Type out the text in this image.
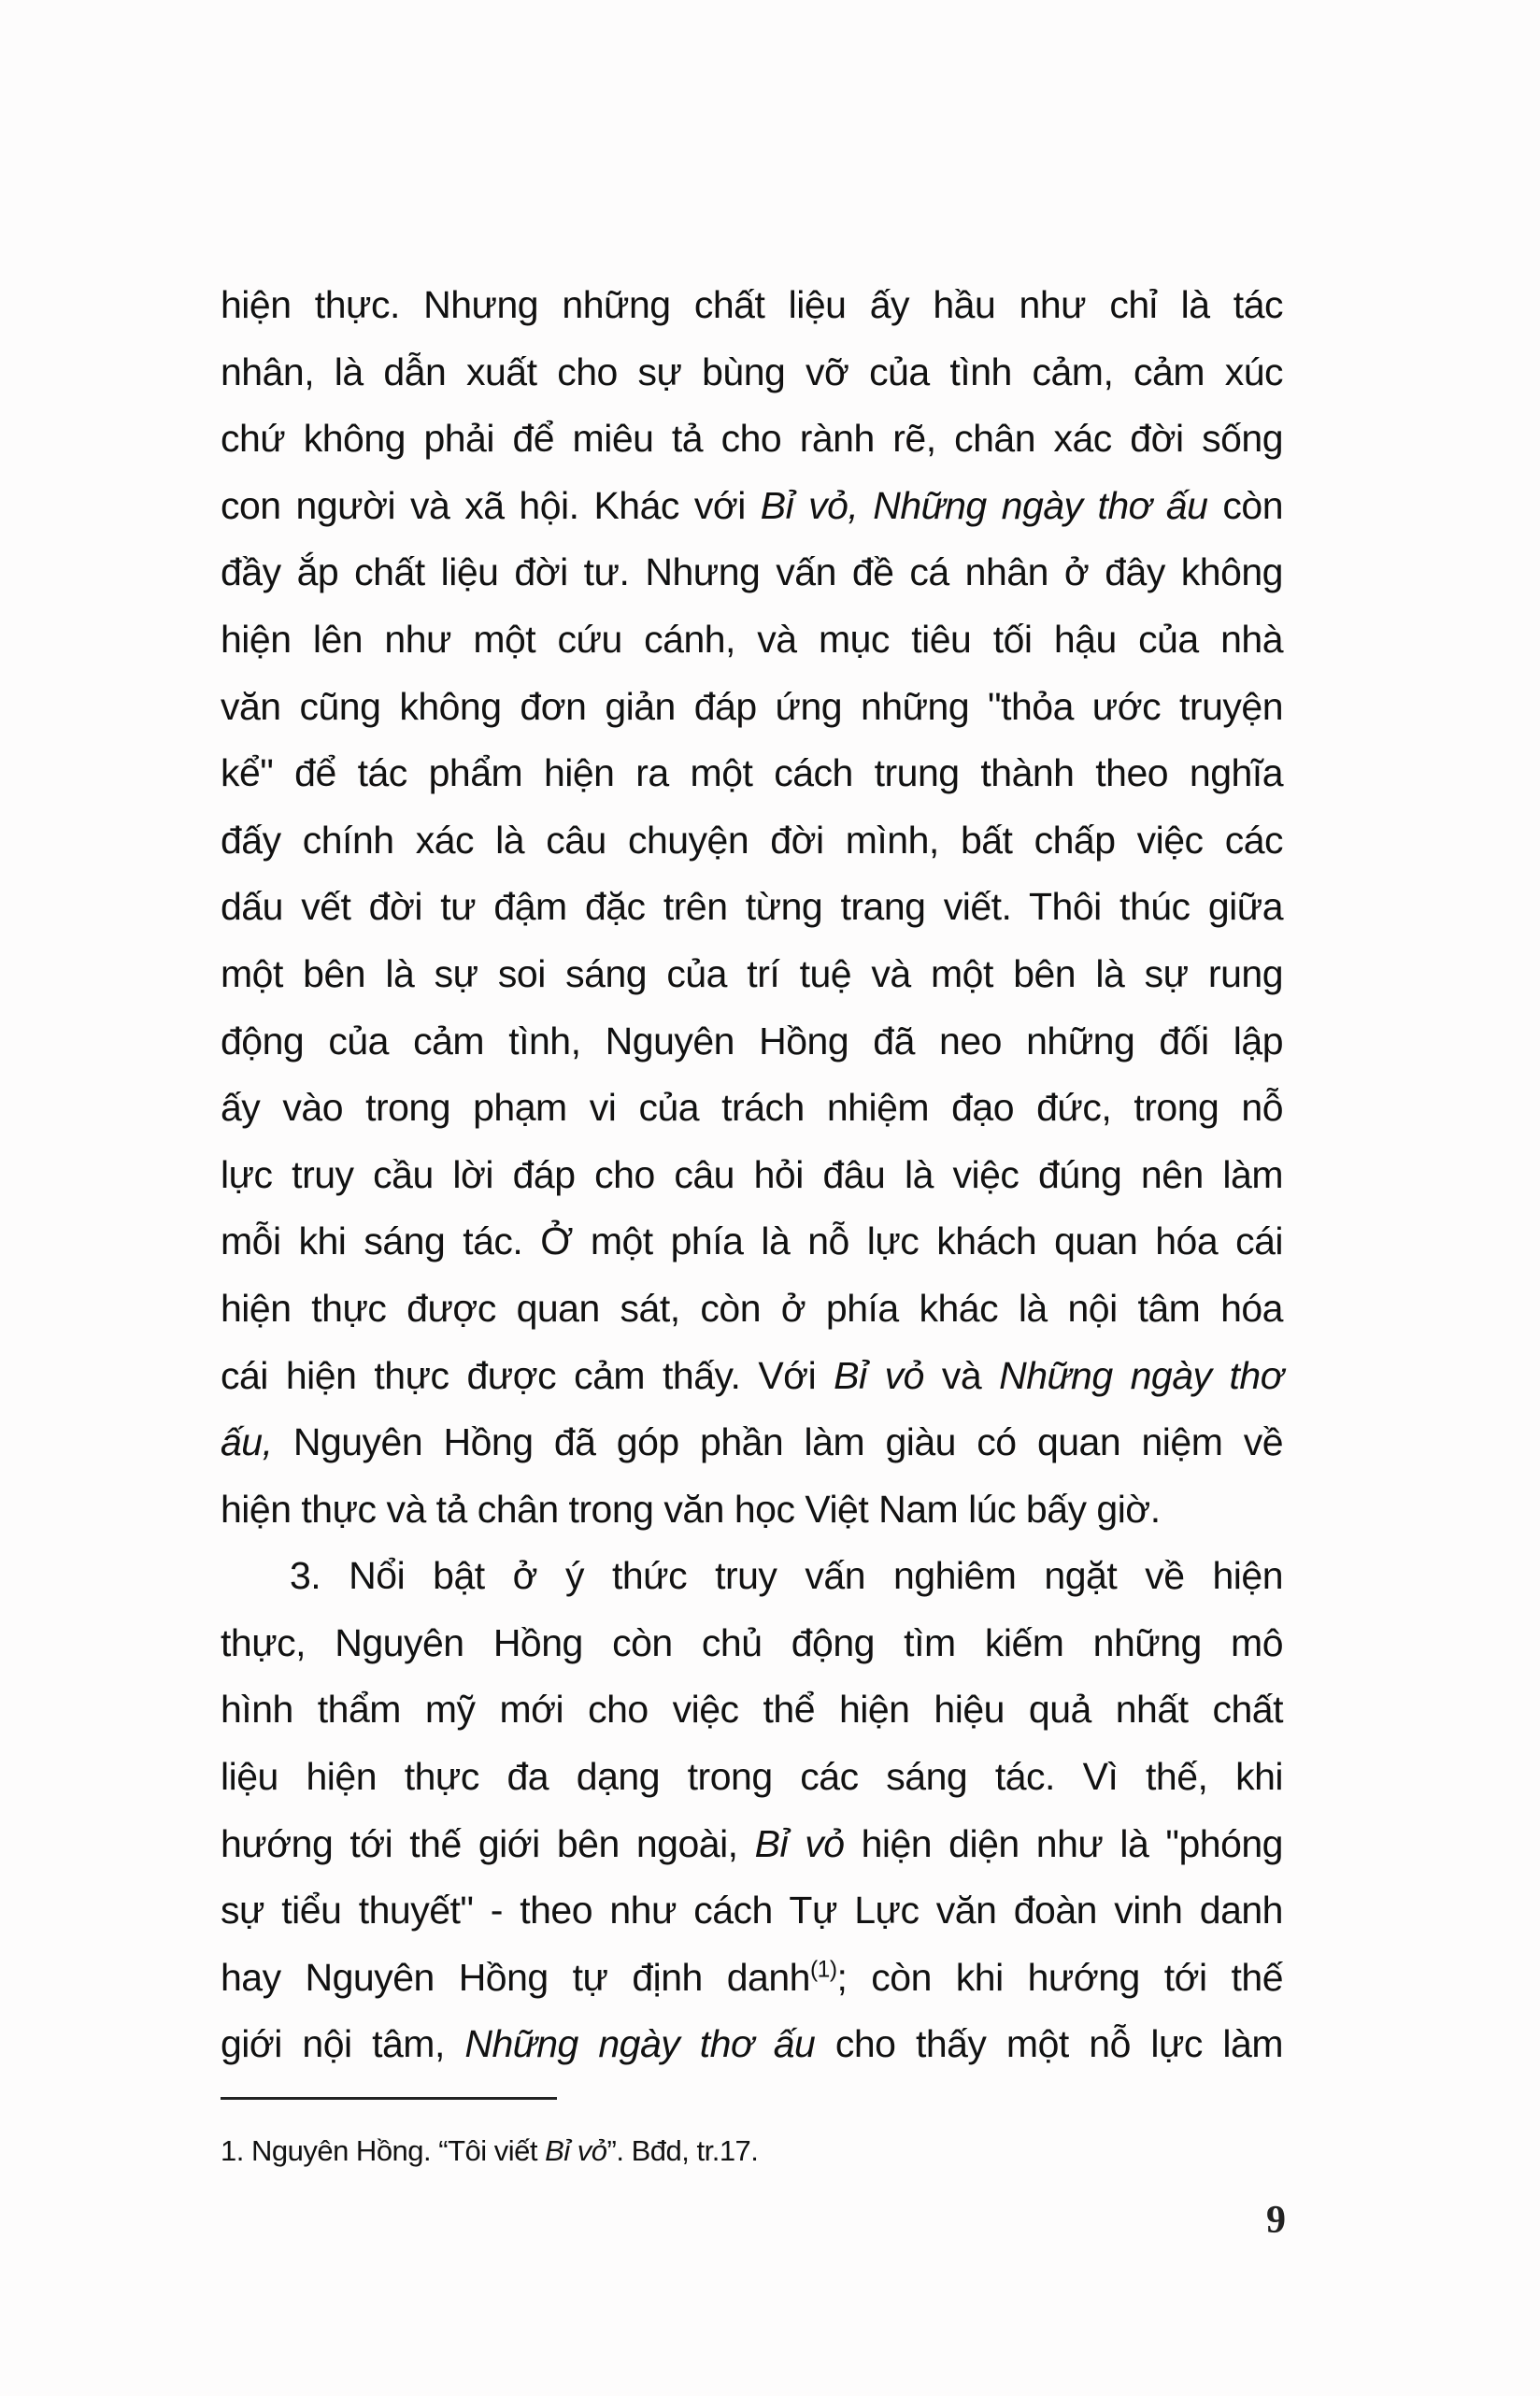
hiện thực. Nhưng những chất liệu ấy hầu như chỉ là tác
nhân, là dẫn xuất cho sự bùng vỡ của tình cảm, cảm xúc
chứ không phải để miêu tả cho rành rẽ, chân xác đời sống
con người và xã hội. Khác với Bỉ vỏ, Những ngày thơ ấu còn
đầy ắp chất liệu đời tư. Nhưng vấn đề cá nhân ở đây không
hiện lên như một cứu cánh, và mục tiêu tối hậu của nhà
văn cũng không đơn giản đáp ứng những "thỏa ước truyện
kể" để tác phẩm hiện ra một cách trung thành theo nghĩa
đấy chính xác là câu chuyện đời mình, bất chấp việc các
dấu vết đời tư đậm đặc trên từng trang viết. Thôi thúc giữa
một bên là sự soi sáng của trí tuệ và một bên là sự rung
động của cảm tình, Nguyên Hồng đã neo những đối lập
ấy vào trong phạm vi của trách nhiệm đạo đức, trong nỗ
lực truy cầu lời đáp cho câu hỏi đâu là việc đúng nên làm
mỗi khi sáng tác. Ở một phía là nỗ lực khách quan hóa cái
hiện thực được quan sát, còn ở phía khác là nội tâm hóa
cái hiện thực được cảm thấy. Với Bỉ vỏ và Những ngày thơ
ấu, Nguyên Hồng đã góp phần làm giàu có quan niệm về
hiện thực và tả chân trong văn học Việt Nam lúc bấy giờ.
3. Nổi bật ở ý thức truy vấn nghiêm ngặt về hiện
thực, Nguyên Hồng còn chủ động tìm kiếm những mô
hình thẩm mỹ mới cho việc thể hiện hiệu quả nhất chất
liệu hiện thực đa dạng trong các sáng tác. Vì thế, khi
hướng tới thế giới bên ngoài, Bỉ vỏ hiện diện như là "phóng
sự tiểu thuyết" - theo như cách Tự Lực văn đoàn vinh danh
hay Nguyên Hồng tự định danh$^{(1)}$; còn khi hướng tới thế
giới nội tâm, Những ngày thơ ấu cho thấy một nỗ lực làm
1. Nguyên Hồng. “Tôi viết Bỉ vỏ”. Bđd, tr.17.
9
